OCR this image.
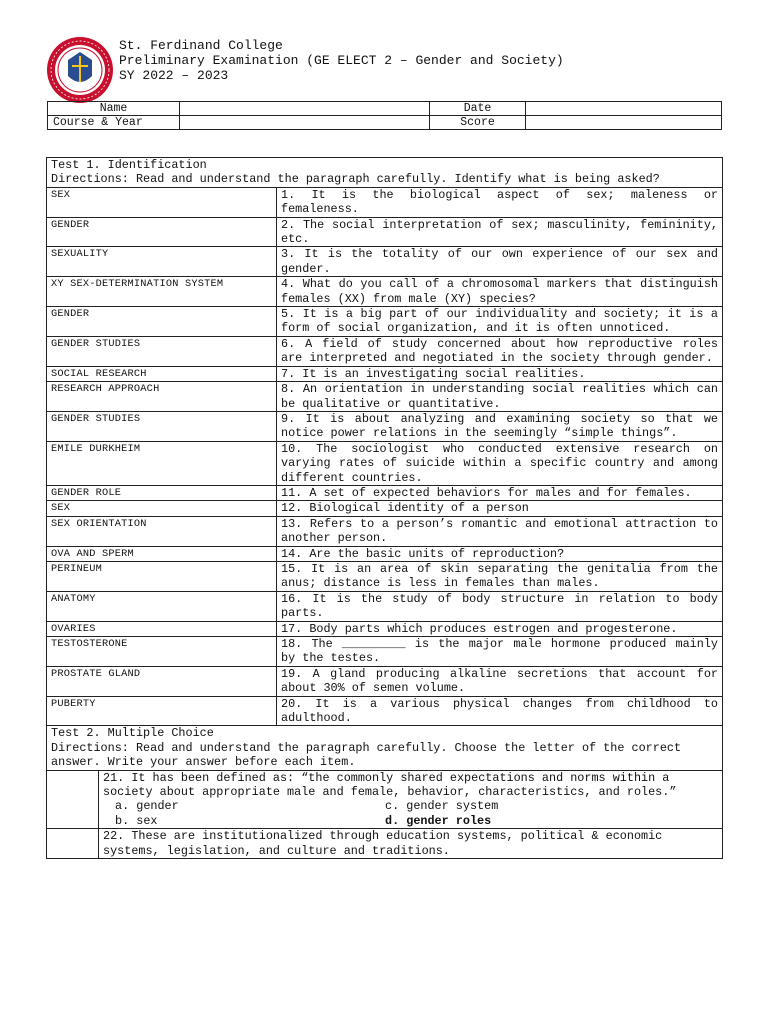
St. Ferdinand College
Preliminary Examination (GE ELECT 2 – Gender and Society)
SY 2022 – 2023
Name		Date	
Course & Year		Score	
Test 1. Identification
Directions: Read and understand the paragraph carefully. Identify what is being asked?		

SEX		1. It is the biological aspect of sex; maleness or femaleness.
GENDER		2. The social interpretation of sex; masculinity, femininity, etc.
SEXUALITY		3. It is the totality of our own experience of our sex and gender.
XY SEX-DETERMINATION SYSTEM		4. What do you call of a chromosomal markers that distinguish females (XX) from male (XY) species?
GENDER		5. It is a big part of our individuality and society; it is a form of social organization, and it is often unnoticed.
GENDER STUDIES		6. A field of study concerned about how reproductive roles are interpreted and negotiated in the society through gender.
SOCIAL RESEARCH		7. It is an investigating social realities.
RESEARCH APPROACH		8. An orientation in understanding social realities which can be qualitative or quantitative.
GENDER STUDIES		9. It is about analyzing and examining society so that we notice power relations in the seemingly “simple things”.
EMILE DURKHEIM		10. The sociologist who conducted extensive research on varying rates of suicide within a specific country and among different countries.
GENDER ROLE		11. A set of expected behaviors for males and for females.
SEX		12. Biological identity of a person
SEX ORIENTATION		13. Refers to a person’s romantic and emotional attraction to another person.
OVA AND SPERM		14. Are the basic units of reproduction?
PERINEUM		15. It is an area of skin separating the genitalia from the anus; distance is less in females than males.
ANATOMY		16. It is the study of body structure in relation to body parts.
OVARIES		17. Body parts which produces estrogen and progesterone.
TESTOSTERONE		18. The _________ is the major male hormone produced mainly by the testes.
PROSTATE GLAND		19. A gland producing alkaline secretions that account for about 30% of semen volume.
PUBERTY		20. It is a various physical changes from childhood to adulthood.

Test 2. Multiple Choice
Directions: Read and understand the paragraph carefully. Choose the letter of the correct answer. Write your answer before each item.		

	21. It has been defined as: “the commonly shared expectations and norms within a society about appropriate male and female, behavior, characteristics, and roles.”
a. gender c. gender system
b. sex d. gender roles	

	22. These are institutionalized through education systems, political & economic systems, legislation, and culture and traditions.	
